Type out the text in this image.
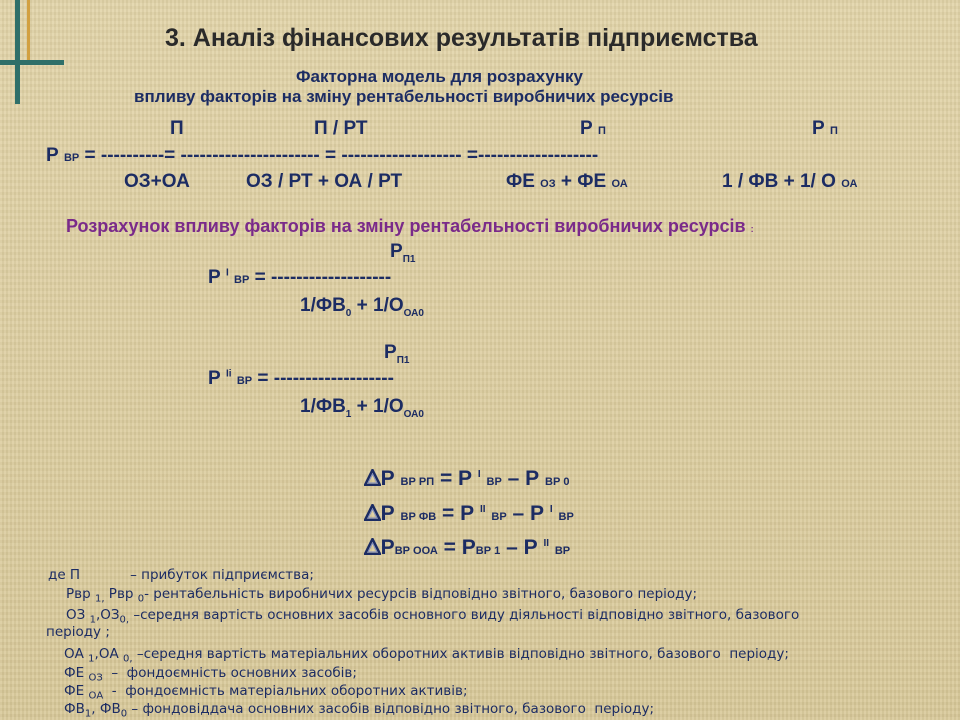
3. Аналіз фінансових результатів підприємства
Факторна модель для розрахунку
впливу факторів на зміну рентабельності виробничих ресурсів
П	П / РТ	Р П	Р П
Р ВР = ----------= ---------------------- = ------------------- =-------------------
ОЗ+ОА	ОЗ / РТ + ОА / РТ	ФЕ ОЗ + ФЕ ОА	1 / ФВ + 1/ О ОА
Розрахунок впливу факторів на зміну рентабельності виробничих ресурсів :
$Р_{П1}$
Р $^І$ ВР = -------------------
$1/ФВ_0 + 1/О_{ОА0}$
$Р_{П1}$
Р $^{Іі}$ ВР = -------------------
$1/ФВ_1 + 1/О_{ОА0}$

Р ВР РП = Р $^І$ ВР – Р ВР 0

Р ВР ФВ = Р $^{ІІ}$ ВР – Р $^І$ ВР

РВР ООА = РВР 1 – Р $^{ІІ}$ ВР

де П	– прибуток підприємства;
Рвр $_{1,}$ Рвр $_0$- рентабельність виробничих ресурсів відповідно звітного, базового періоду;
ОЗ $_1,ОЗ_{0,}$ –середня вартість основних засобів основного виду діяльності відповідно звітного, базового
періоду ;
ОА $_1$,ОА $_{0,}$ –середня вартість матеріальних оборотних активів відповідно звітного, базового  періоду;
ФЕ $_{ОЗ}$  –  фондоємність основних засобів;
ФЕ $_{ОА}$  -  фондоємність матеріальних оборотних активів;
$ФВ_1$, $ФВ_0$ – фондовіддача основних засобів відповідно звітного, базового  періоду;
